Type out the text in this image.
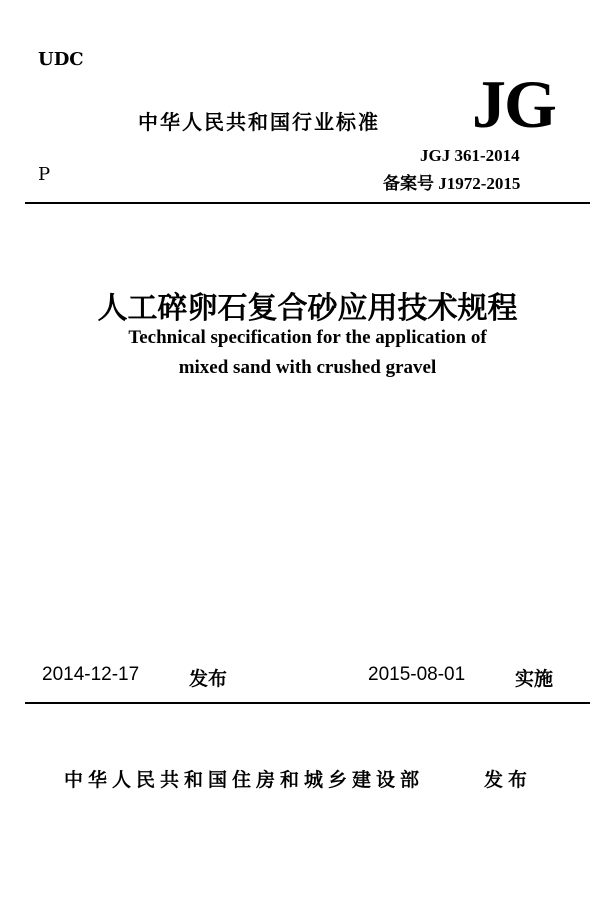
UDC
中华人民共和国行业标准 JG
P
JGJ 361-2014
备案号 J1972-2015
人工碎卵石复合砂应用技术规程
Technical specification for the application of
mixed sand with crushed gravel
2014-12-17	发布	2015-08-01	实施
中华人民共和国住房和城乡建设部	发布
